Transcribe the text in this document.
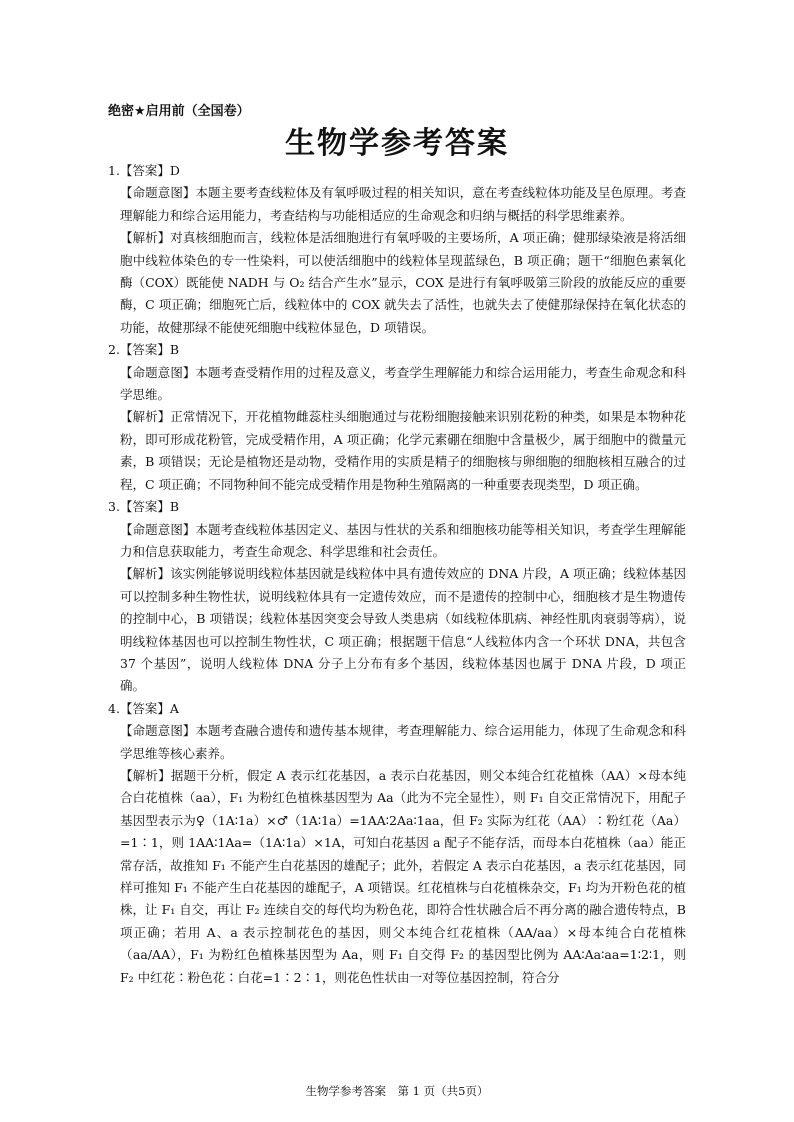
绝密★启用前（全国卷）
生物学参考答案

1.【答案】D

【命题意图】本题主要考查线粒体及有氧呼吸过程的相关知识，意在考查线粒体功能及呈色原理。考查理解能力和综合运用能力，考查结构与功能相适应的生命观念和归纳与概括的科学思维素养。

【解析】对真核细胞而言，线粒体是活细胞进行有氧呼吸的主要场所，A 项正确；健那绿染液是将活细胞中线粒体染色的专一性染料，可以使活细胞中的线粒体呈现蓝绿色，B 项正确；题干“细胞色素氧化酶（COX）既能使 NADH 与 O₂ 结合产生水”显示，COX 是进行有氧呼吸第三阶段的放能反应的重要酶，C 项正确；细胞死亡后，线粒体中的 COX 就失去了活性，也就失去了使健那绿保持在氧化状态的功能，故健那绿不能使死细胞中线粒体显色，D 项错误。

2.【答案】B

【命题意图】本题考查受精作用的过程及意义，考查学生理解能力和综合运用能力，考查生命观念和科学思维。

【解析】正常情况下，开花植物雌蕊柱头细胞通过与花粉细胞接触来识别花粉的种类，如果是本物种花粉，即可形成花粉管，完成受精作用，A 项正确；化学元素硼在细胞中含量极少，属于细胞中的微量元素，B 项错误；无论是植物还是动物，受精作用的实质是精子的细胞核与卵细胞的细胞核相互融合的过程，C 项正确；不同物种间不能完成受精作用是物种生殖隔离的一种重要表现类型，D 项正确。

3.【答案】B

【命题意图】本题考查线粒体基因定义、基因与性状的关系和细胞核功能等相关知识，考查学生理解能力和信息获取能力，考查生命观念、科学思维和社会责任。

【解析】该实例能够说明线粒体基因就是线粒体中具有遗传效应的 DNA 片段，A 项正确；线粒体基因可以控制多种生物性状，说明线粒体具有一定遗传效应，而不是遗传的控制中心，细胞核才是生物遗传的控制中心，B 项错误；线粒体基因突变会导致人类患病（如线粒体肌病、神经性肌肉衰弱等病），说明线粒体基因也可以控制生物性状，C 项正确；根据题干信息“人线粒体内含一个环状 DNA，共包含 37 个基因”，说明人线粒体 DNA 分子上分布有多个基因，线粒体基因也属于 DNA 片段，D 项正确。

4.【答案】A

【命题意图】本题考查融合遗传和遗传基本规律，考查理解能力、综合运用能力，体现了生命观念和科学思维等核心素养。

【解析】据题干分析，假定 A 表示红花基因，a 表示白花基因，则父本纯合红花植株（AA）×母本纯合白花植株（aa），F₁ 为粉红色植株基因型为 Aa（此为不完全显性），则 F₁ 自交正常情况下，用配子基因型表示为♀（1A∶1a）×♂（1A∶1a）=1AA∶2Aa∶1aa，但 F₂ 实际为红花（AA）∶粉红花（Aa）=1∶1，则 1AA∶1Aa=（1A∶1a）×1A，可知白花基因 a 配子不能存活，而母本白花植株（aa）能正常存活，故推知 F₁ 不能产生白花基因的雄配子；此外，若假定 A 表示白花基因，a 表示红花基因，同样可推知 F₁ 不能产生白花基因的雄配子，A 项错误。红花植株与白花植株杂交，F₁ 均为开粉色花的植株，让 F₁ 自交，再让 F₂ 连续自交的每代均为粉色花，即符合性状融合后不再分离的融合遗传特点，B 项正确；若用 A、a 表示控制花色的基因，则父本纯合红花植株（AA/aa）×母本纯合白花植株（aa/AA），F₁ 为粉红色植株基因型为 Aa，则 F₁ 自交得 F₂ 的基因型比例为 AA∶Aa∶aa=1∶2∶1，则 F₂ 中红花∶粉色花∶白花=1∶2∶1，则花色性状由一对等位基因控制，符合分

生物学参考答案　第 1 页（共5页）
